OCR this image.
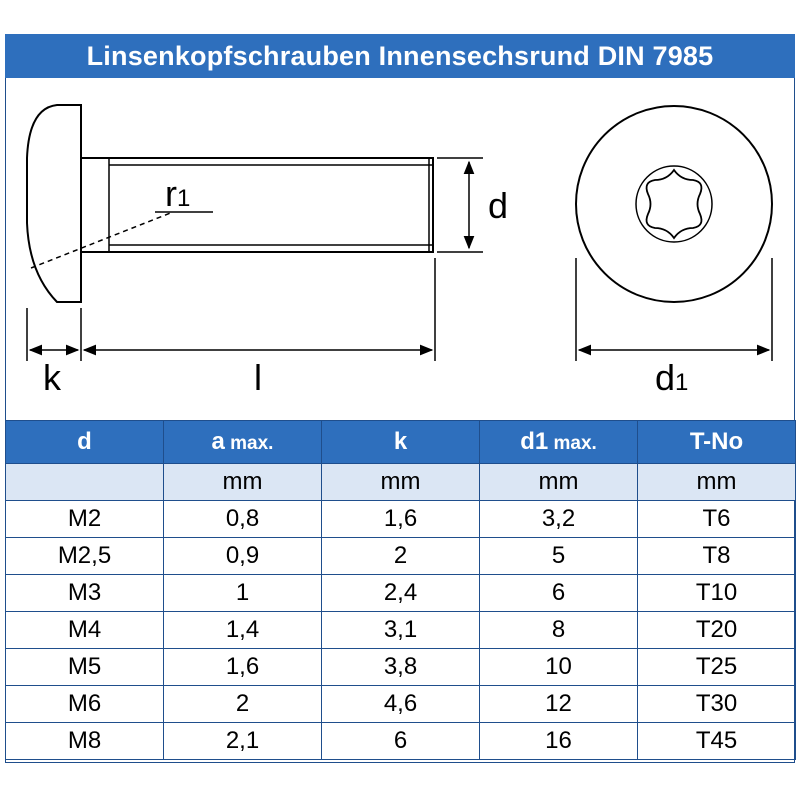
Linsenkopfschrauben Innensechsrund DIN 7985
r1	d
k	l	d1
d	a max.	k	d1 max.	T-No
	mm	mm	mm	mm
M2	0,8	1,6	3,2	T6
M2,5	0,9	2	5	T8
M3	1	2,4	6	T10
M4	1,4	3,1	8	T20
M5	1,6	3,8	10	T25
M6	2	4,6	12	T30
M8	2,1	6	16	T45
